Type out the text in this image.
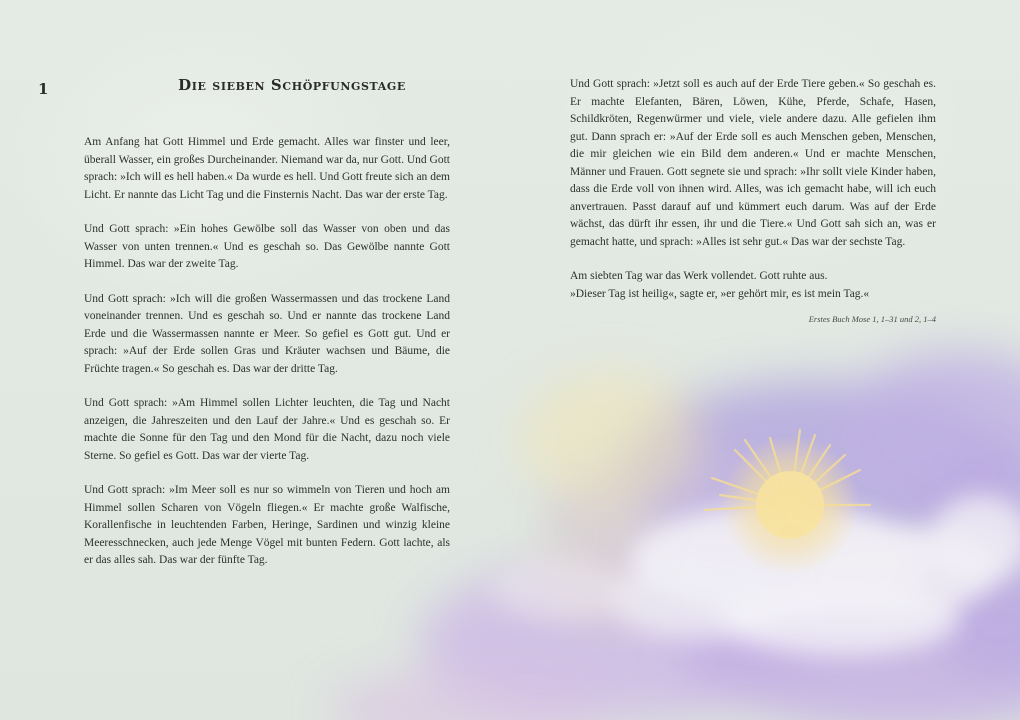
1	Die sieben Schöpfungstage

Am Anfang hat Gott Himmel und Erde gemacht. Alles war finster und leer, überall Wasser, ein großes Durcheinander. Niemand war da, nur Gott. Und Gott sprach: »Ich will es hell haben.« Da wurde es hell. Und Gott freute sich an dem Licht. Er nannte das Licht Tag und die Finsternis Nacht. Das war der erste Tag.

Und Gott sprach: »Ein hohes Gewölbe soll das Wasser von oben und das Wasser von unten trennen.« Und es geschah so. Das Gewölbe nannte Gott Himmel. Das war der zweite Tag.

Und Gott sprach: »Ich will die großen Wassermassen und das trockene Land voneinander trennen. Und es geschah so. Und er nannte das trockene Land Erde und die Wassermassen nannte er Meer. So gefiel es Gott gut. Und er sprach: »Auf der Erde sollen Gras und Kräuter wachsen und Bäume, die Früchte tragen.« So geschah es. Das war der dritte Tag.

Und Gott sprach: »Am Himmel sollen Lichter leuchten, die Tag und Nacht anzeigen, die Jahreszeiten und den Lauf der Jahre.« Und es geschah so. Er machte die Sonne für den Tag und den Mond für die Nacht, dazu noch viele Sterne. So gefiel es Gott. Das war der vierte Tag.

Und Gott sprach: »Im Meer soll es nur so wimmeln von Tieren und hoch am Himmel sollen Scharen von Vögeln fliegen.« Er machte große Walfische, Korallenfische in leuchtenden Farben, Heringe, Sardinen und winzig kleine Meeresschnecken, auch jede Menge Vögel mit bunten Federn. Gott lachte, als er das alles sah. Das war der fünfte Tag.

Und Gott sprach: »Jetzt soll es auch auf der Erde Tiere geben.« So geschah es. Er machte Elefanten, Bären, Löwen, Kühe, Pferde, Schafe, Hasen, Schildkröten, Regenwürmer und viele, viele andere dazu. Alle gefielen ihm gut. Dann sprach er: »Auf der Erde soll es auch Menschen geben, Menschen, die mir gleichen wie ein Bild dem anderen.« Und er machte Menschen, Männer und Frauen. Gott segnete sie und sprach: »Ihr sollt viele Kinder haben, dass die Erde voll von ihnen wird. Alles, was ich gemacht habe, will ich euch anvertrauen. Passt darauf auf und kümmert euch darum. Was auf der Erde wächst, das dürft ihr essen, ihr und die Tiere.« Und Gott sah sich an, was er gemacht hatte, und sprach: »Alles ist sehr gut.« Das war der sechste Tag.

Am siebten Tag war das Werk vollendet. Gott ruhte aus.
»Dieser Tag ist heilig«, sagte er, »er gehört mir, es ist mein Tag.«

Erstes Buch Mose 1, 1–31 und 2, 1–4
